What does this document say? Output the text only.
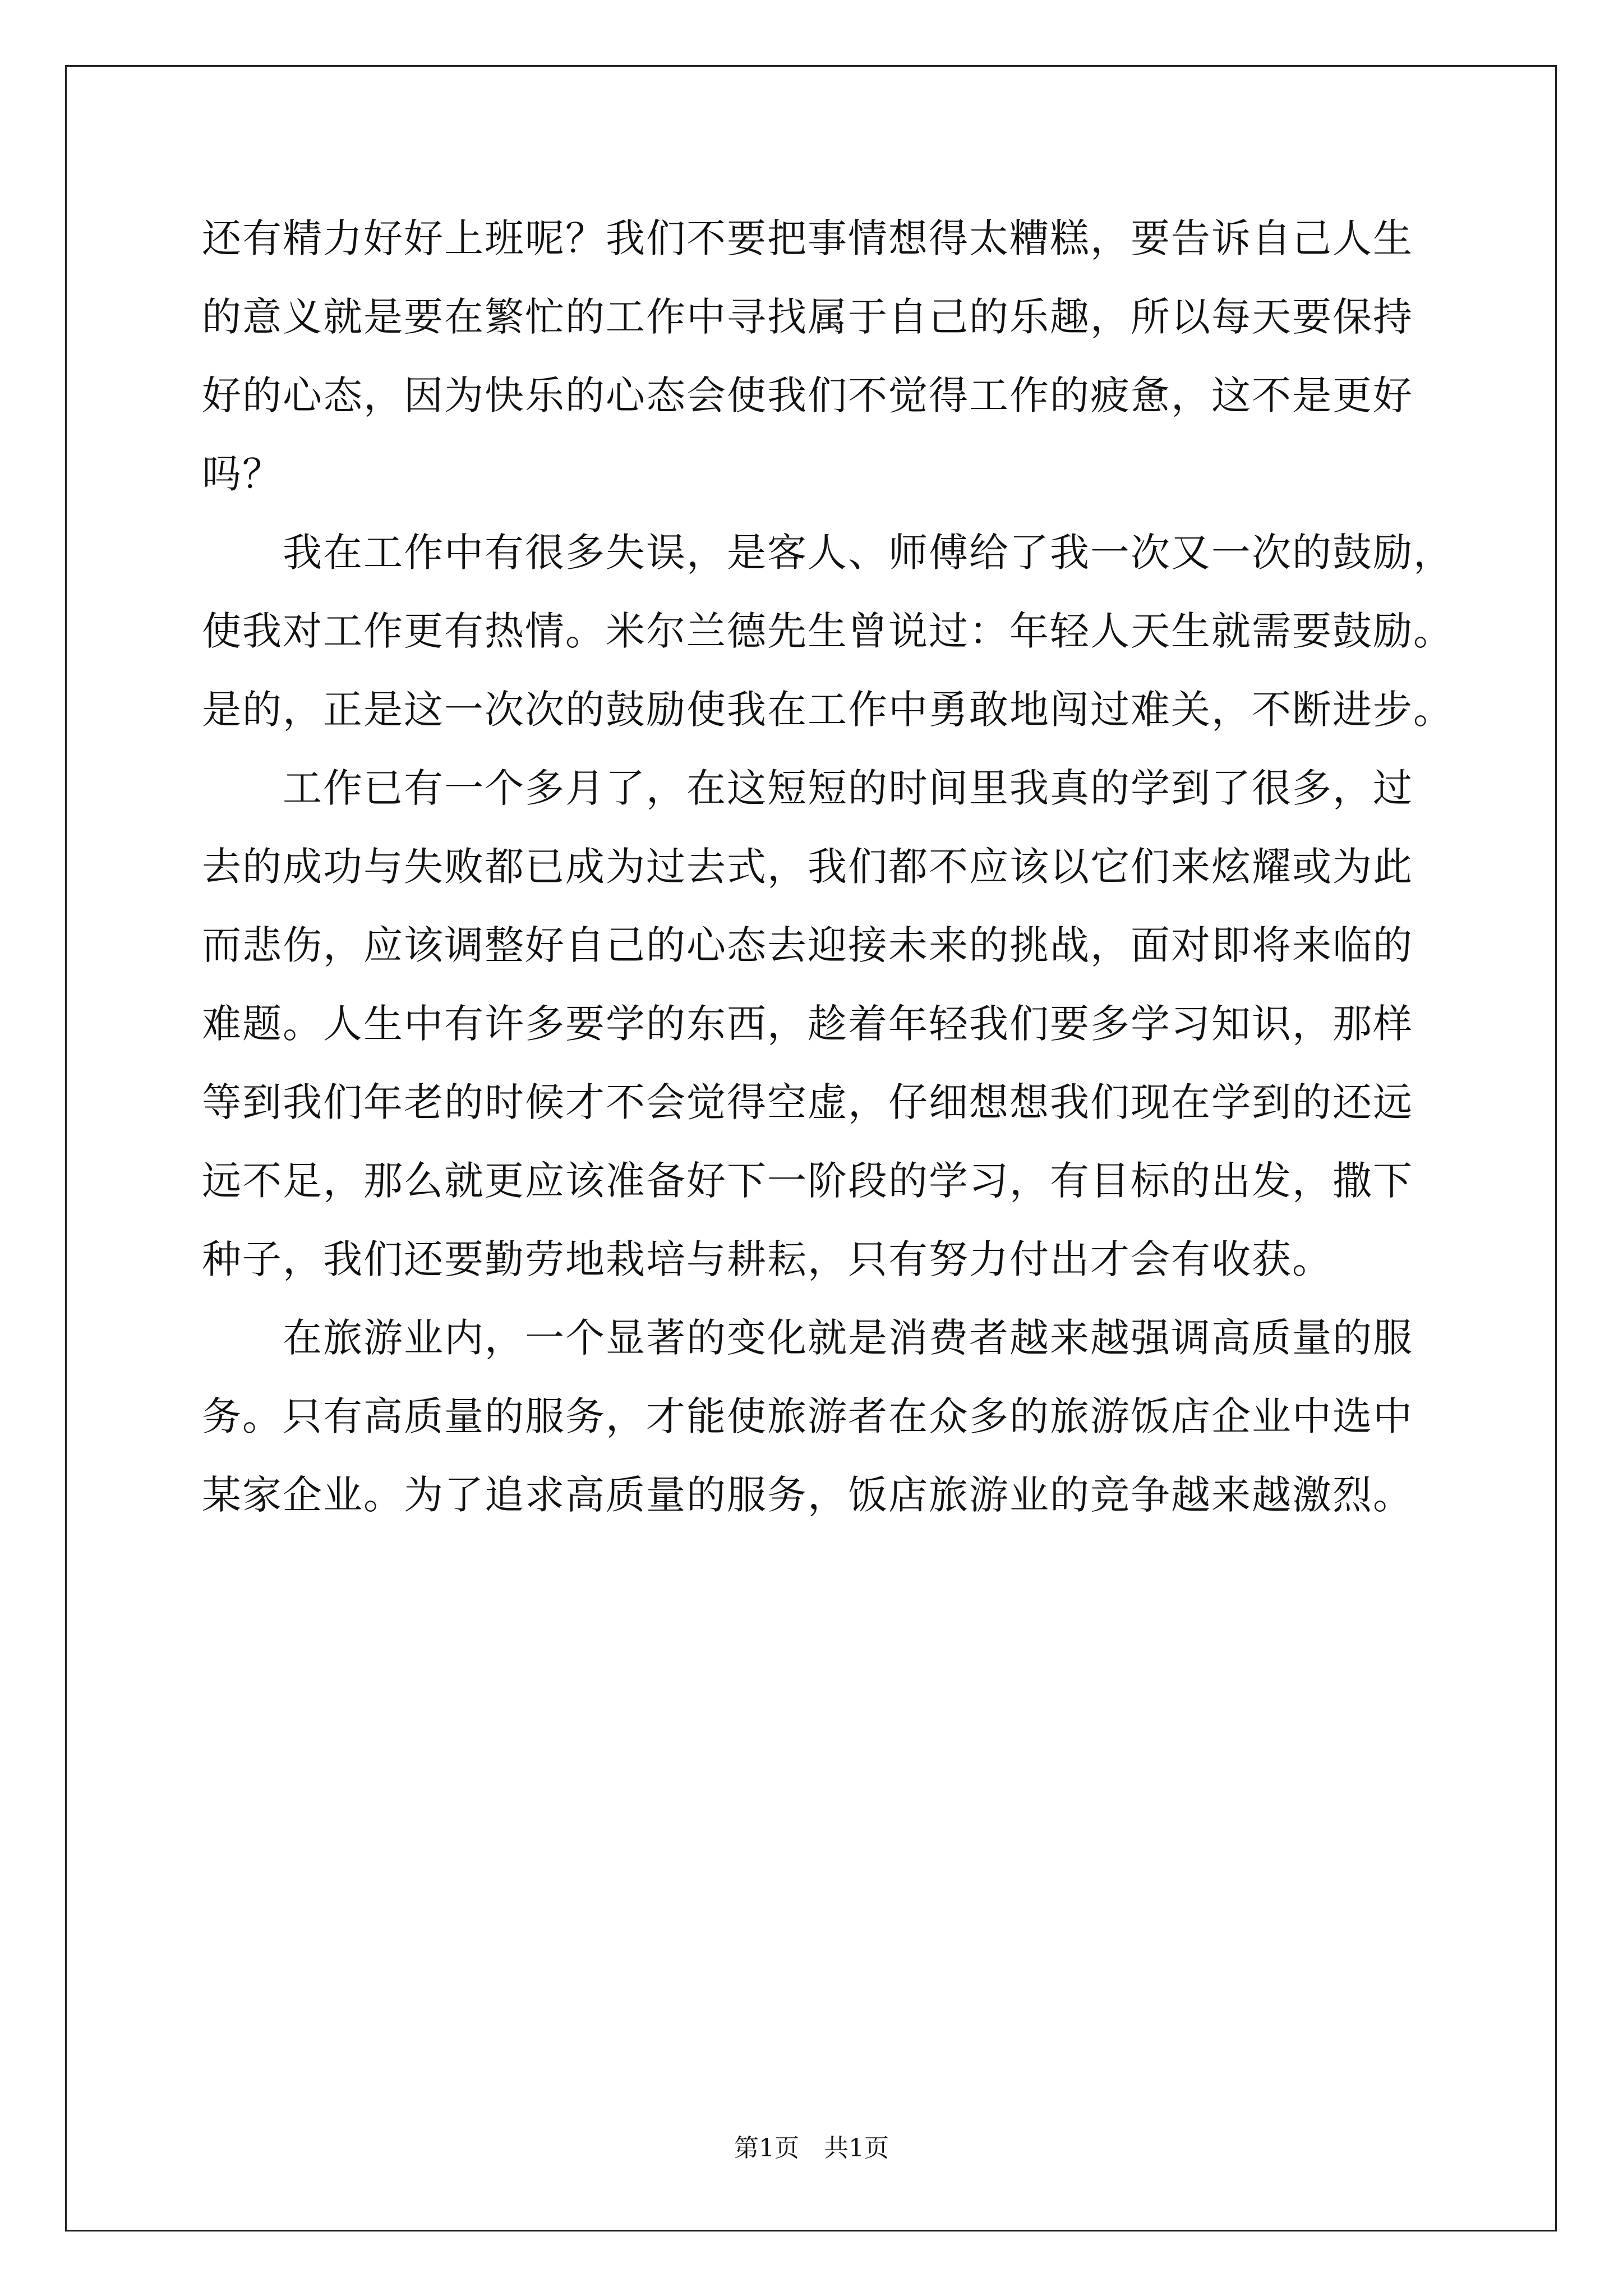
还有精力好好上班呢？我们不要把事情想得太糟糕，要告诉自己人生
的意义就是要在繁忙的工作中寻找属于自己的乐趣，所以每天要保持
好的心态，因为快乐的心态会使我们不觉得工作的疲惫，这不是更好
吗？
　　我在工作中有很多失误，是客人、师傅给了我一次又一次的鼓励，
使我对工作更有热情。米尔兰德先生曾说过：年轻人天生就需要鼓励。
是的，正是这一次次的鼓励使我在工作中勇敢地闯过难关，不断进步。
　　工作已有一个多月了，在这短短的时间里我真的学到了很多，过
去的成功与失败都已成为过去式，我们都不应该以它们来炫耀或为此
而悲伤，应该调整好自己的心态去迎接未来的挑战，面对即将来临的
难题。人生中有许多要学的东西，趁着年轻我们要多学习知识，那样
等到我们年老的时候才不会觉得空虚，仔细想想我们现在学到的还远
远不足，那么就更应该准备好下一阶段的学习，有目标的出发，撒下
种子，我们还要勤劳地栽培与耕耘，只有努力付出才会有收获。
　　在旅游业内，一个显著的变化就是消费者越来越强调高质量的服
务。只有高质量的服务，才能使旅游者在众多的旅游饭店企业中选中
某家企业。为了追求高质量的服务，饭店旅游业的竞争越来越激烈。
第1页　共1页
